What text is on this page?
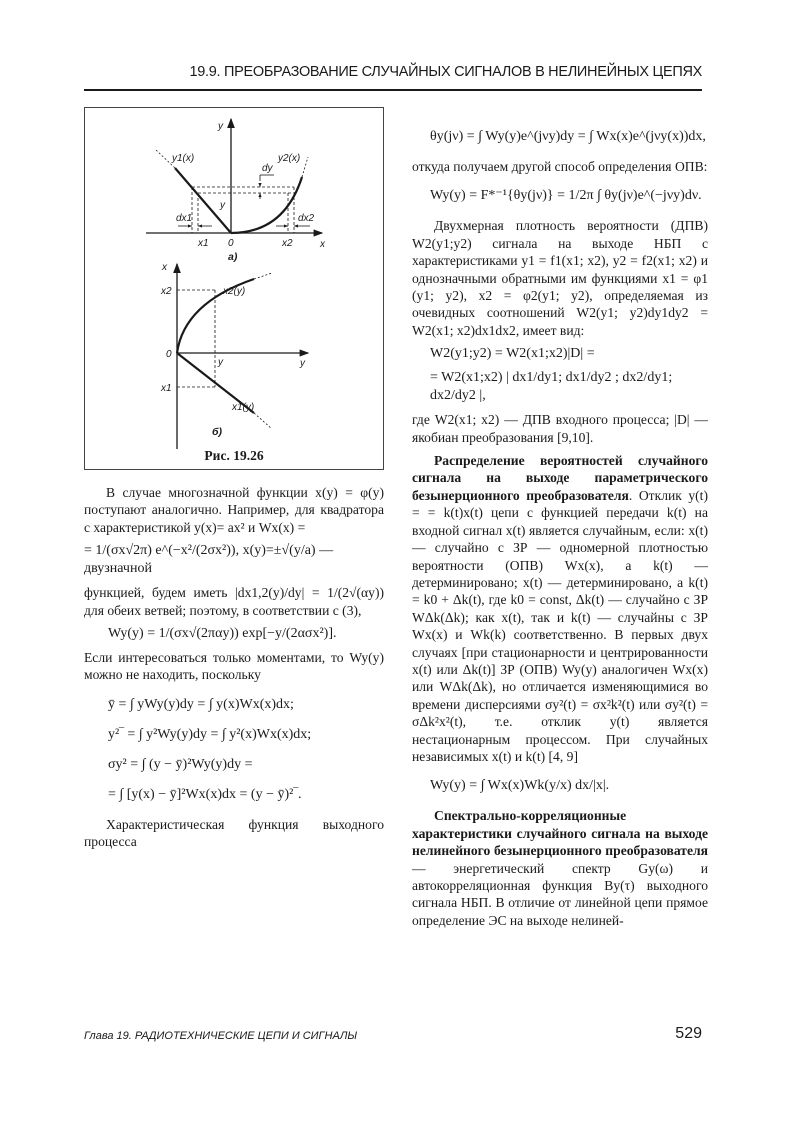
19.9. ПРЕОБРАЗОВАНИЕ СЛУЧАЙНЫХ СИГНАЛОВ В НЕЛИНЕЙНЫХ ЦЕПЯХ
y
y1(x)	y2(x)
dy
y
dx1	dx2
x1 0	x2	x
а)
x
x2	x2(y)
0
y	y
x1
x1(y)
б)
Рис. 19.26

В случае многозначной функции x(y) = φ(y) поступают аналогично. Например, для квадратора с характеристикой y(x)= ax² и Wx(x) =

= 1/(σx√2π) e^(−x²/(2σx²)), x(y)=±√(y/a) — двузначной

функцией, будем иметь |dx1,2(y)/dy| = 1/(2√(αy)) для обеих ветвей; поэтому, в соответствии с (3),

Wy(y) = 1/(σx√(2παy)) exp[−y/(2ασx²)].

Если интересоваться только моментами, то Wy(y) можно не находить, поскольку

ȳ = ∫ yWy(y)dy = ∫ y(x)Wx(x)dx;
y²‾ = ∫ y²Wy(y)dy = ∫ y²(x)Wx(x)dx;
σy² = ∫ (y − ȳ)²Wy(y)dy =
= ∫ [y(x) − ȳ]²Wx(x)dx = (y − ȳ)²‾.

Характеристическая функция выходного процесса

θy(jν) = ∫ Wy(y)e^(jνy)dy = ∫ Wx(x)e^(jνy(x))dx,

откуда получаем другой способ определения ОПВ:

Wy(y) = F*⁻¹{θy(jν)} = 1/2π ∫ θy(jν)e^(−jνy)dν.

Двухмерная плотность вероятности (ДПВ) W2(y1;y2) сигнала на выходе НБП с характеристиками y1 = f1(x1; x2), y2 = f2(x1; x2) и однозначными обратными им функциями x1 = φ1 (y1; y2), x2 = φ2(y1; y2), определяемая из очевидных соотношений W2(y1; y2)dy1dy2 = W2(x1; x2)dx1dx2, имеет вид:

W2(y1;y2) = W2(x1;x2)|D| =
= W2(x1;x2) | dx1/dy1; dx1/dy2 ; dx2/dy1; dx2/dy2 |,

где W2(x1; x2) — ДПВ входного процесса; |D| — якобиан преобразования [9,10].

Распределение вероятностей случайного сигнала на выходе параметрического безынерционного преобразователя. Отклик y(t) = = k(t)x(t) цепи с функцией передачи k(t) на входной сигнал x(t) является случайным, если: x(t) — случайно с ЗР — одномерной плотностью вероятности (ОПВ) Wx(x), а k(t) — детерминировано; x(t) — детерминировано, а k(t) = k0 + Δk(t), где k0 = const, Δk(t) — случайно с ЗР WΔk(Δk); как x(t), так и k(t) — случайны с ЗР Wx(x) и Wk(k) соответственно. В первых двух случаях [при стационарности и центрированности x(t) или Δk(t)] ЗР (ОПВ) Wy(y) аналогичен Wx(x) или WΔk(Δk), но отличается изменяющимися во времени дисперсиями σy²(t) = σx²k²(t) или σy²(t) = σΔk²x²(t), т.е. отклик y(t) является нестационарным процессом. При случайных независимых x(t) и k(t) [4, 9]

Wy(y) = ∫ Wx(x)Wk(y/x) dx/|x|.

Спектрально-корреляционные характеристики случайного сигнала на выходе нелинейного безынерционного преобразователя — энергетический спектр Gy(ω) и автокорреляционная функция By(τ) выходного сигнала НБП. В отличие от линейной цепи прямое определение ЭС на выходе нелиней-

Глава 19. РАДИОТЕХНИЧЕСКИЕ ЦЕПИ И СИГНАЛЫ	529
